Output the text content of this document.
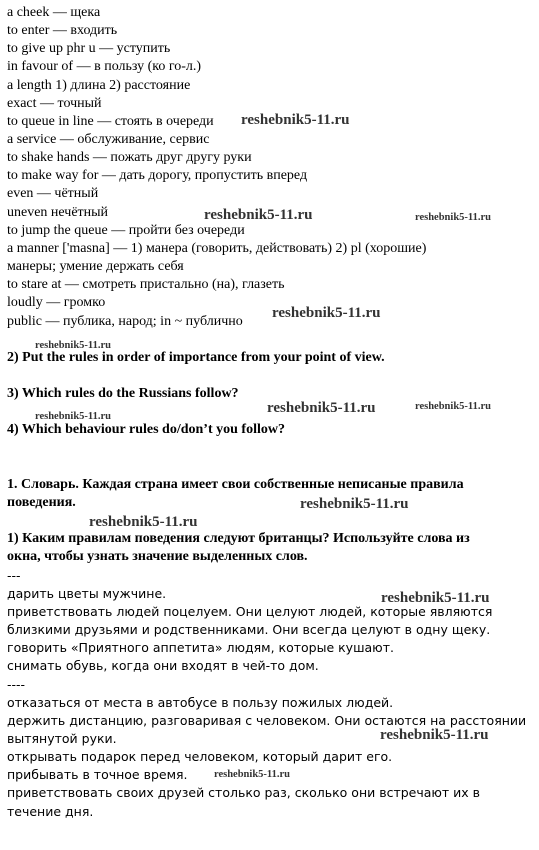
a cheek — щека
to enter — входить
to give up phr u — уступить
in favour of — в пользу (ко го-л.)
a length 1) длина 2) расстояние
exact — точный
to queue in line — стоять в очереди
a service — обслуживание, сервис
to shake hands — пожать друг другу руки
to make way for — дать дорогу, пропустить вперед
even — чётный
uneven нечётный
to jump the queue — пройти без очереди
a manner ['masna] — 1) манера (говорить, действовать) 2) pl (хорошие)
манеры; умение держать себя
to stare at — смотреть пристально (на), глазеть
loudly — громко
public — публика, народ; in ~ публично
2) Put the rules in order of importance from your point of view.
3) Which rules do the Russians follow?
4) Which behaviour rules do/don’t you follow?
1. Словарь. Каждая страна имеет свои собственные неписаные правила
поведения.
1) Каким правилам поведения следуют британцы? Используйте слова из
окна, чтобы узнать значение выделенных слов.
---
дарить цветы мужчине.
приветствовать людей поцелуем. Они целуют людей, которые являются
близкими друзьями и родственниками. Они всегда целуют в одну щеку.
говорить «Приятного аппетита» людям, которые кушают.
снимать обувь, когда они входят в чей-то дом.
----
отказаться от места в автобусе в пользу пожилых людей.
держить дистанцию, разговаривая с человеком. Они остаются на расстоянии
вытянутой руки.
открывать подарок перед человеком, который дарит его.
прибывать в точное время.
приветствовать своих друзей столько раз, сколько они встречают их в
течение дня.
reshebnik5-11.ru
reshebnik5-11.ru	reshebnik5-11.ru
reshebnik5-11.ru
reshebnik5-11.ru
reshebnik5-11.ru	reshebnik5-11.ru
reshebnik5-11.ru
reshebnik5-11.ru
reshebnik5-11.ru
reshebnik5-11.ru
reshebnik5-11.ru
reshebnik5-11.ru
